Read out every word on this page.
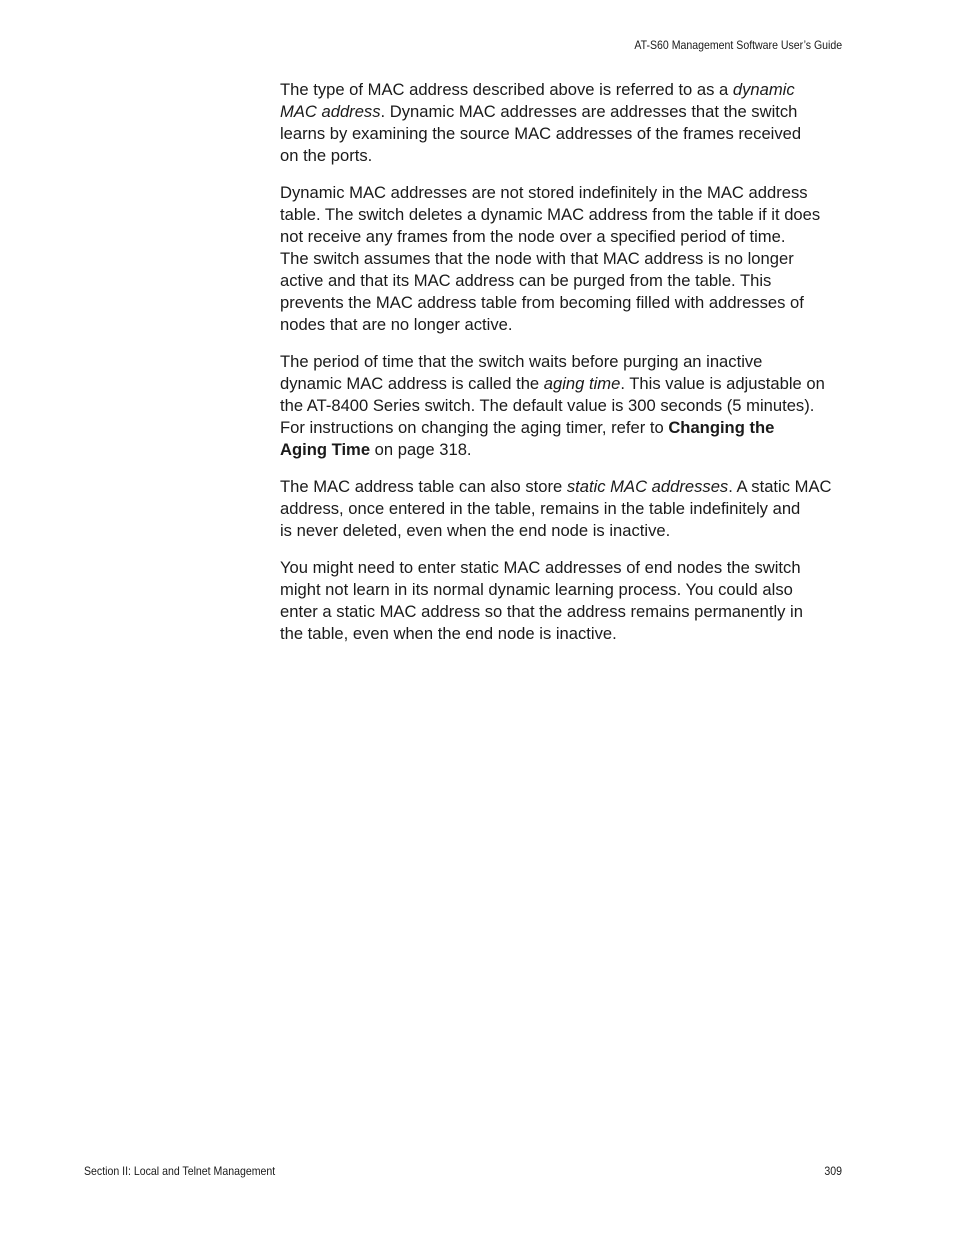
AT-S60 Management Software User’s Guide

The type of MAC address described above is referred to as a dynamic
MAC address. Dynamic MAC addresses are addresses that the switch
learns by examining the source MAC addresses of the frames received
on the ports.

Dynamic MAC addresses are not stored indefinitely in the MAC address
table. The switch deletes a dynamic MAC address from the table if it does
not receive any frames from the node over a specified period of time.
The switch assumes that the node with that MAC address is no longer
active and that its MAC address can be purged from the table. This
prevents the MAC address table from becoming filled with addresses of
nodes that are no longer active.

The period of time that the switch waits before purging an inactive
dynamic MAC address is called the aging time. This value is adjustable on
the AT-8400 Series switch. The default value is 300 seconds (5 minutes).
For instructions on changing the aging timer, refer to Changing the
Aging Time on page 318.

The MAC address table can also store static MAC addresses. A static MAC
address, once entered in the table, remains in the table indefinitely and
is never deleted, even when the end node is inactive.

You might need to enter static MAC addresses of end nodes the switch
might not learn in its normal dynamic learning process. You could also
enter a static MAC address so that the address remains permanently in
the table, even when the end node is inactive.

Section II: Local and Telnet Management	309
